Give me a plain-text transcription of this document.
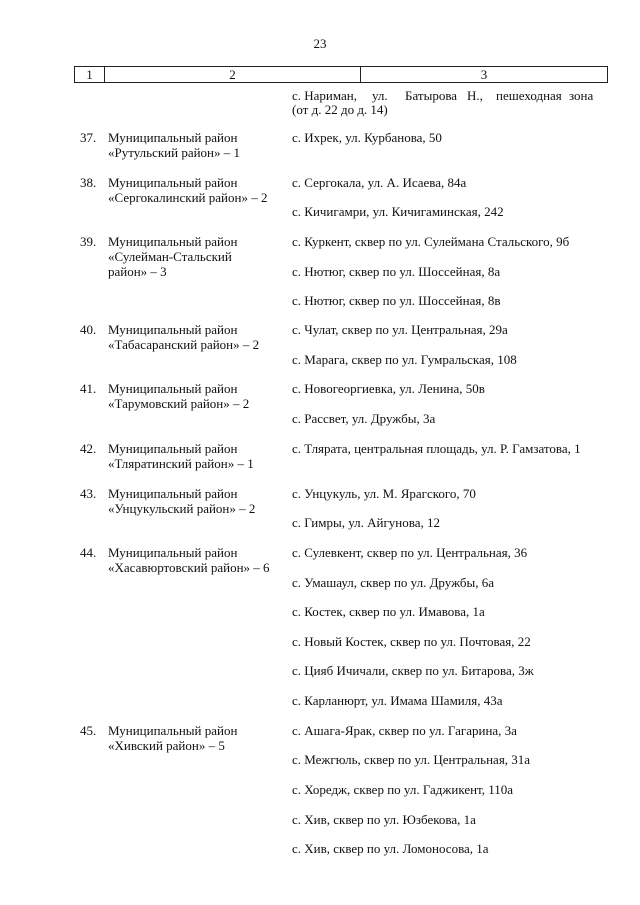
23
1	2	3
с. Нариман, ул. Батырова Н., пешеходная зона
(от д. 22 до д. 14)
37. Муниципальный район
«Рутульский район» – 1
с. Ихрек, ул. Курбанова, 50
38. Муниципальный район
«Сергокалинский район» – 2
с. Сергокала, ул. А. Исаева, 84а
с. Кичигамри, ул. Кичигаминская, 242
39. Муниципальный район
«Сулейман-Стальский
район» – 3
с. Куркент, сквер по ул. Сулеймана Стальского, 9б
с. Нютюг, сквер по ул. Шоссейная, 8а
с. Нютюг, сквер по ул. Шоссейная, 8в
40. Муниципальный район
«Табасаранский район» – 2
с. Чулат, сквер по ул. Центральная, 29а
с. Марага, сквер по ул. Гумральская, 108
41. Муниципальный район
«Тарумовский район» – 2
с. Новогеоргиевка, ул. Ленина, 50в
с. Рассвет, ул. Дружбы, 3а
42. Муниципальный район
«Тляратинский район» – 1
с. Тлярата, центральная площадь, ул. Р. Гамзатова, 1
43. Муниципальный район
«Унцукульский район» – 2
с. Унцукуль, ул. М. Ярагского, 70
с. Гимры, ул. Айгунова, 12
44. Муниципальный район
«Хасавюртовский район» – 6
с. Сулевкент, сквер по ул. Центральная, 36
с. Умашаул, сквер по ул. Дружбы, 6а
с. Костек, сквер по ул. Имавова, 1а
с. Новый Костек, сквер по ул. Почтовая, 22
с. Цияб Ичичали, сквер по ул. Битарова, 3ж
с. Карланюрт, ул. Имама Шамиля, 43а
45. Муниципальный район
«Хивский район» – 5
с. Ашага-Ярак, сквер по ул. Гагарина, 3а
с. Межгюль, сквер по ул. Центральная, 31а
с. Хоредж, сквер по ул. Гаджикент, 110а
с. Хив, сквер по ул. Юзбекова, 1а
с. Хив, сквер по ул. Ломоносова, 1а
